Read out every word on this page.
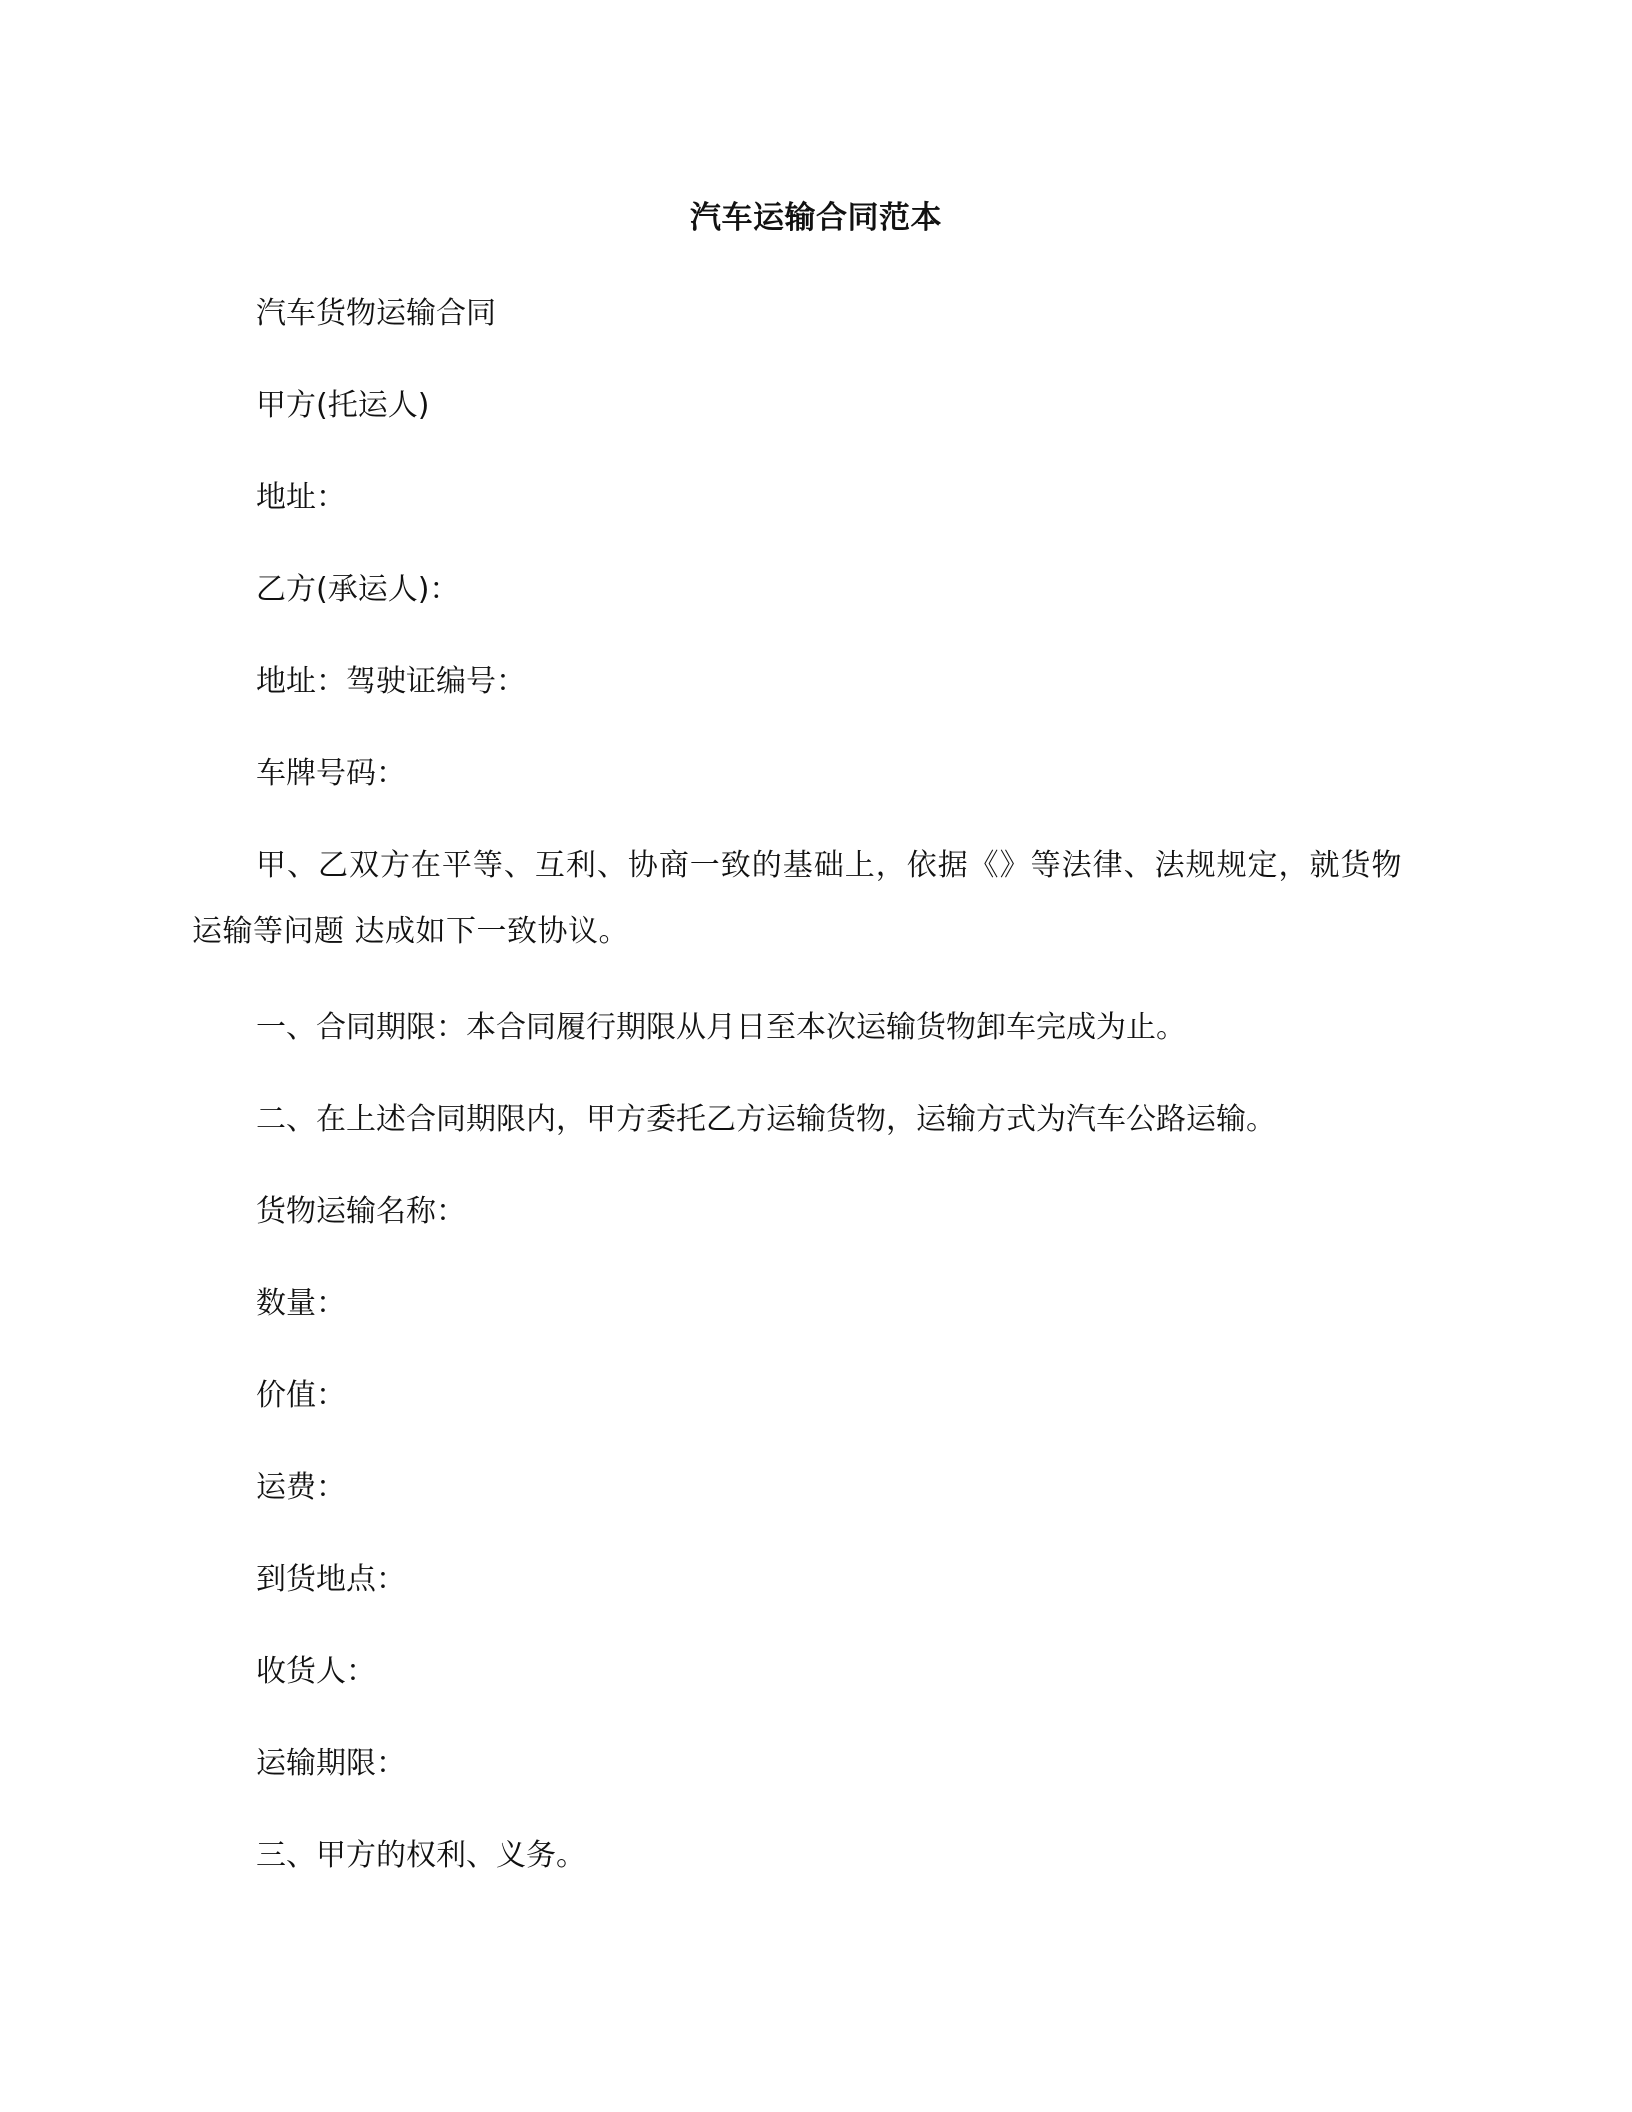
汽车运输合同范本
汽车货物运输合同
甲方(托运人)
地址：
乙方(承运人)：
地址：驾驶证编号：
车牌号码：
甲、乙双方在平等、互利、协商一致的基础上，依据《》等法律、法规规定，就货物运输等问题 达成如下一致协议。
一、合同期限：本合同履行期限从月日至本次运输货物卸车完成为止。
二、在上述合同期限内，甲方委托乙方运输货物，运输方式为汽车公路运输。
货物运输名称：
数量：
价值：
运费：
到货地点：
收货人：
运输期限：
三、甲方的权利、义务。
